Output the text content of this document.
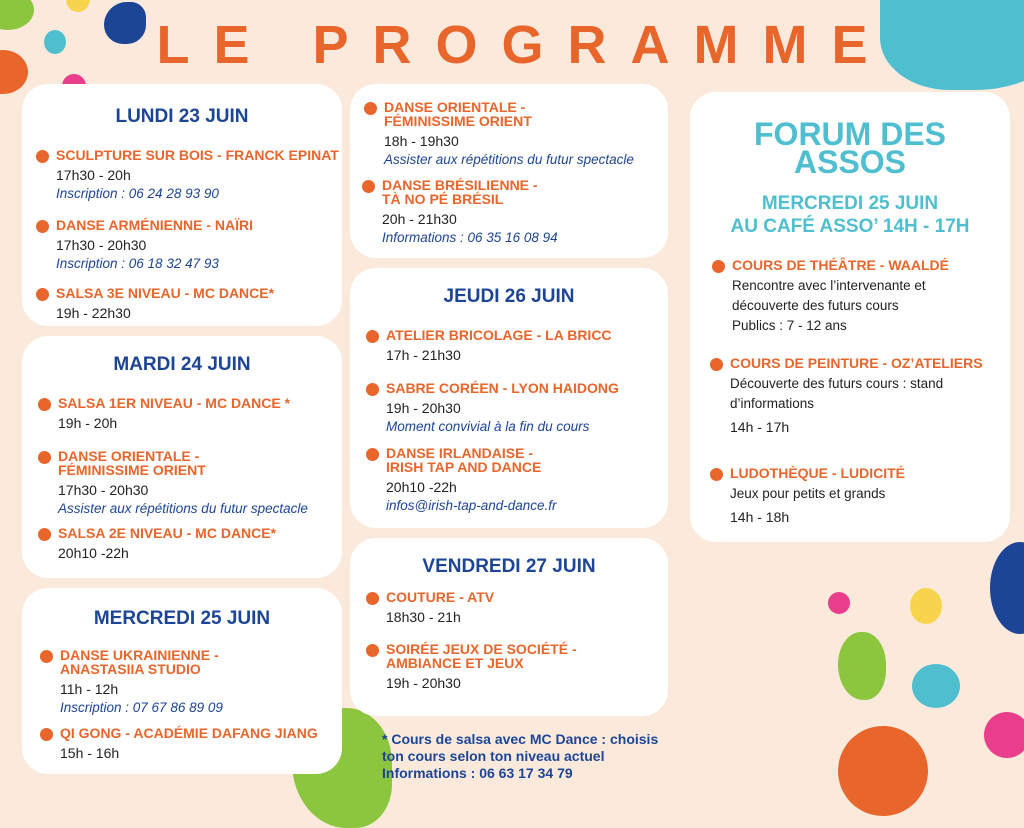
LE PROGRAMME
LUNDI 23 JUIN
SCULPTURE SUR BOIS - FRANCK EPINAT
17h30 - 20h
Inscription : 06 24 28 93 90
DANSE ARMÉNIENNE - NAÏRI
17h30 - 20h30
Inscription : 06 18 32 47 93
SALSA 3E NIVEAU - MC DANCE*
19h - 22h30
MARDI 24 JUIN
SALSA 1ER NIVEAU - MC DANCE *
19h - 20h
DANSE ORIENTALE -
FÉMINISSIME ORIENT
17h30 - 20h30
Assister aux répétitions du futur spectacle
SALSA 2E NIVEAU - MC DANCE*
20h10 -22h
MERCREDI 25 JUIN
DANSE UKRAINIENNE -
ANASTASIIA STUDIO
11h - 12h
Inscription : 07 67 86 89 09
QI GONG - ACADÉMIE DAFANG JIANG
15h - 16h
DANSE ORIENTALE -
FÉMINISSIME ORIENT
18h - 19h30
Assister aux répétitions du futur spectacle
DANSE BRÉSILIENNE -
TÀ NO PÉ BRÉSIL
20h - 21h30
Informations : 06 35 16 08 94
JEUDI 26 JUIN
ATELIER BRICOLAGE - LA BRICC
17h - 21h30
SABRE CORÉEN - LYON HAIDONG
19h - 20h30
Moment convivial à la fin du cours
DANSE IRLANDAISE -
IRISH TAP AND DANCE
20h10 -22h
infos@irish-tap-and-dance.fr
VENDREDI 27 JUIN
COUTURE - ATV
18h30 - 21h
SOIRÉE JEUX DE SOCIÉTÉ -
AMBIANCE ET JEUX
19h - 20h30
FORUM DES
ASSOS
MERCREDI 25 JUIN
AU CAFÉ ASSO’ 14H - 17H
COURS DE THÉÂTRE - WAALDÉ
Rencontre avec l’intervenante et
découverte des futurs cours
Publics : 7 - 12 ans
COURS DE PEINTURE - OZ’ATELIERS
Découverte des futurs cours : stand
d’informations
14h - 17h
LUDOTHÈQUE - LUDICITÉ
Jeux pour petits et grands
14h - 18h
* Cours de salsa avec MC Dance : choisis
ton cours selon ton niveau actuel
Informations : 06 63 17 34 79
